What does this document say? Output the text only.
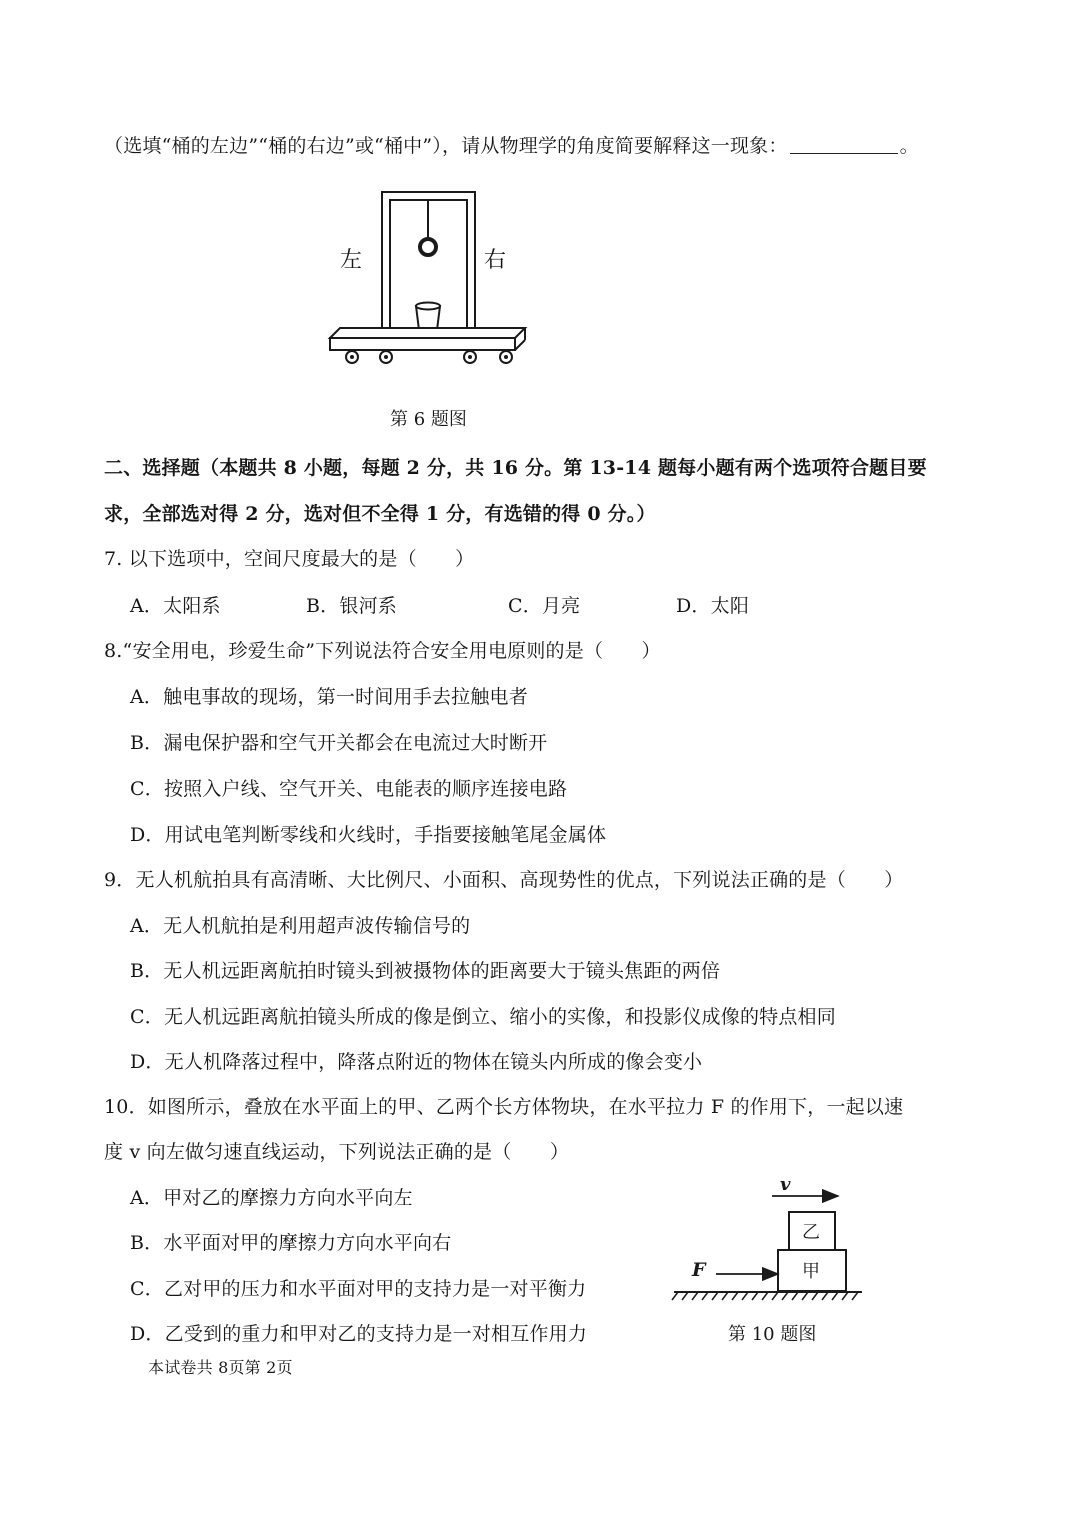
（选填“桶的左边”“桶的右边”或“桶中”），请从物理学的角度简要解释这一现象：	。
左	右
第 6 题图
二、选择题（本题共 8 小题，每题 2 分，共 16 分。第 13-14 题每小题有两个选项符合题目要
求，全部选对得 2 分，选对但不全得 1 分，有选错的得 0 分。）
7. 以下选项中，空间尺度最大的是（　　）
A．太阳系	B．银河系	C．月亮	D．太阳
8.“安全用电，珍爱生命”下列说法符合安全用电原则的是（　　）
A．触电事故的现场，第一时间用手去拉触电者
B．漏电保护器和空气开关都会在电流过大时断开
C．按照入户线、空气开关、电能表的顺序连接电路
D．用试电笔判断零线和火线时，手指要接触笔尾金属体
9．无人机航拍具有高清晰、大比例尺、小面积、高现势性的优点，下列说法正确的是（　　）
A．无人机航拍是利用超声波传输信号的
B．无人机远距离航拍时镜头到被摄物体的距离要大于镜头焦距的两倍
C．无人机远距离航拍镜头所成的像是倒立、缩小的实像，和投影仪成像的特点相同
D．无人机降落过程中，降落点附近的物体在镜头内所成的像会变小
10．如图所示，叠放在水平面上的甲、乙两个长方体物块，在水平拉力 F 的作用下，一起以速
度 v 向左做匀速直线运动，下列说法正确的是（　　）
A．甲对乙的摩擦力方向水平向左
B．水平面对甲的摩擦力方向水平向右
C．乙对甲的压力和水平面对甲的支持力是一对平衡力
D．乙受到的重力和甲对乙的支持力是一对相互作用力
v
乙
甲
F
第 10 题图
本试卷共 8页第 2页
